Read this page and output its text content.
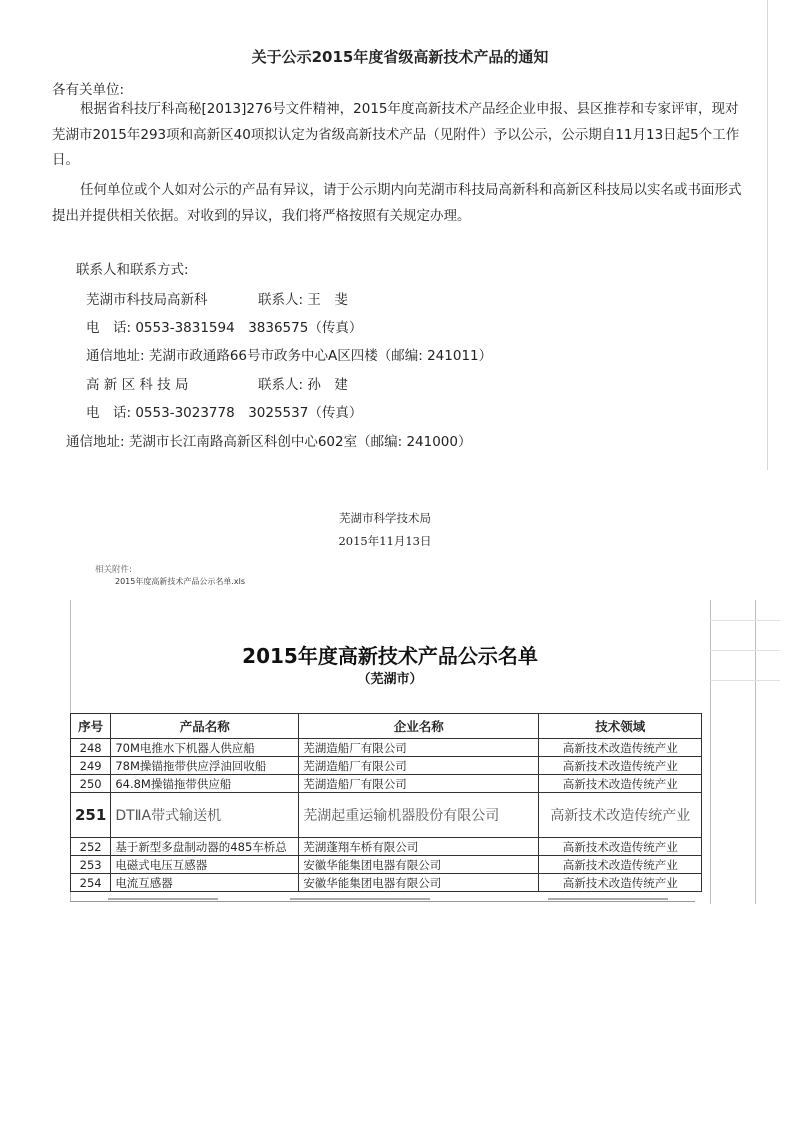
关于公示2015年度省级高新技术产品的通知
各有关单位:

根据省科技厅科高秘[2013]276号文件精神，2015年度高新技术产品经企业申报、县区推荐和专家评审，现对芜湖市2015年293项和高新区40项拟认定为省级高新技术产品（见附件）予以公示，公示期自11月13日起5个工作日。

任何单位或个人如对公示的产品有异议，请于公示期内向芜湖市科技局高新科和高新区科技局以实名或书面形式提出并提供相关依据。对收到的异议，我们将严格按照有关规定办理。

联系人和联系方式:
芜湖市科技局高新科	联系人: 王　斐
电　话: 0553-3831594　3836575（传真）
通信地址: 芜湖市政通路66号市政务中心A区四楼（邮编: 241011）
高 新 区 科 技 局	联系人: 孙　建
电　话: 0553-3023778　3025537（传真）
通信地址: 芜湖市长江南路高新区科创中心602室（邮编: 241000）
芜湖市科学技术局
2015年11月13日
相关附件:
2015年度高新技术产品公示名单.xls
2015年度高新技术产品公示名单
（芜湖市）
序号	产品名称	企业名称	技术领域
248	70M电推水下机器人供应船	芜湖造船厂有限公司	高新技术改造传统产业
249	78M操锚拖带供应浮油回收船	芜湖造船厂有限公司	高新技术改造传统产业
250	64.8M操锚拖带供应船	芜湖造船厂有限公司	高新技术改造传统产业
251	DTⅡA带式输送机	芜湖起重运输机器股份有限公司	高新技术改造传统产业
252	基于新型多盘制动器的485车桥总	芜湖蓬翔车桥有限公司	高新技术改造传统产业
253	电磁式电压互感器	安徽华能集团电器有限公司	高新技术改造传统产业
254	电流互感器	安徽华能集团电器有限公司	高新技术改造传统产业
